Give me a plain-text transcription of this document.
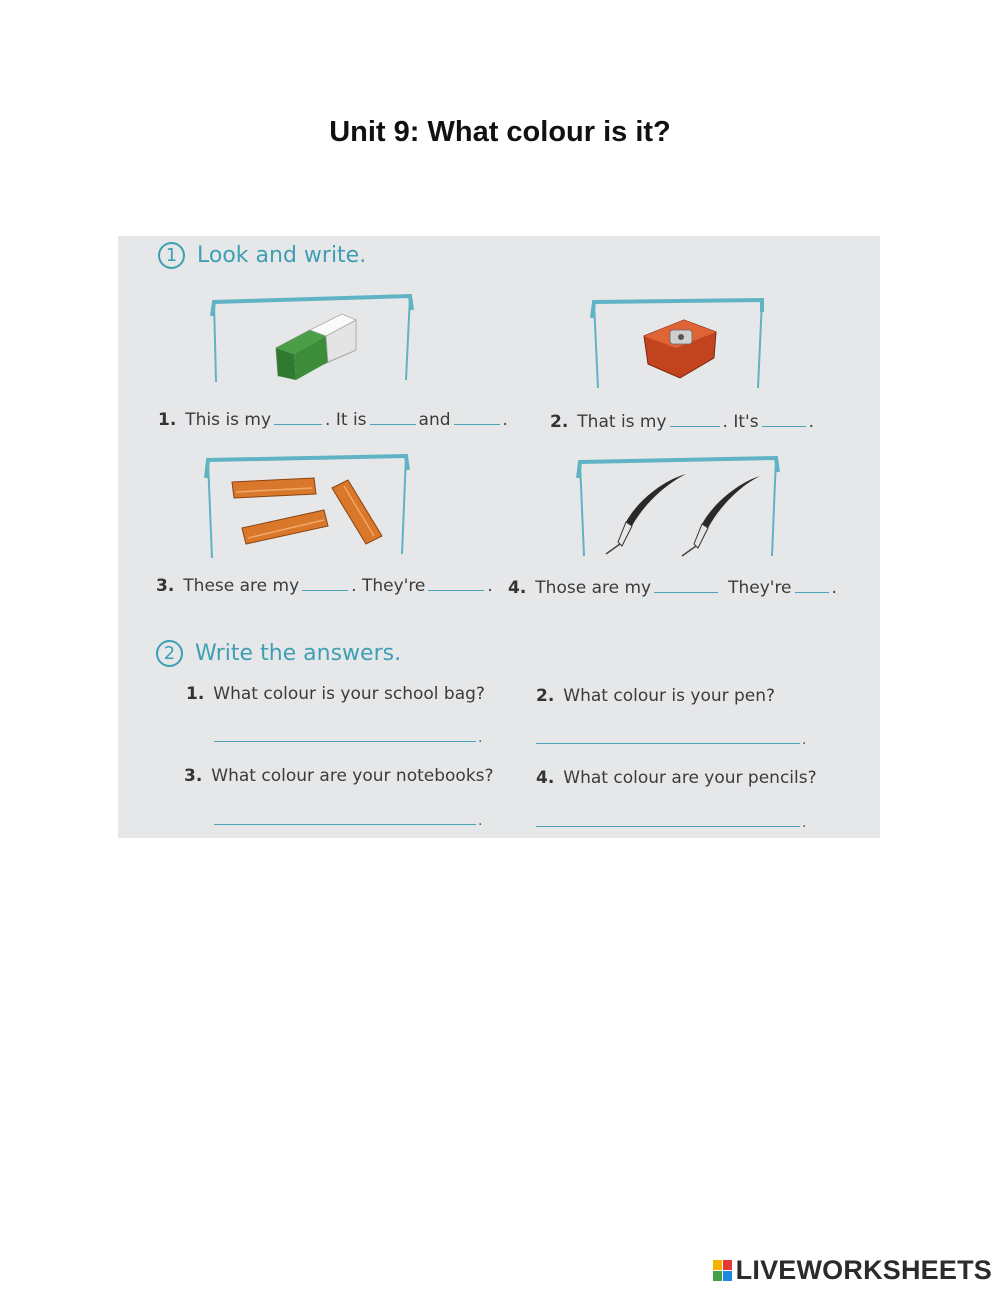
Unit 9: What colour is it?
1 Look and write.
1. This is my	. It is	and	. 2. That is my	. It's	.
3. These are my	. They're	. 4. Those are my	They're .
2 Write the answers.
1. What colour is your school bag?	2. What colour is your pen?
.	.
3. What colour are your notebooks? 4. What colour are your pencils?
.	.
LIVEWORKSHEETS
